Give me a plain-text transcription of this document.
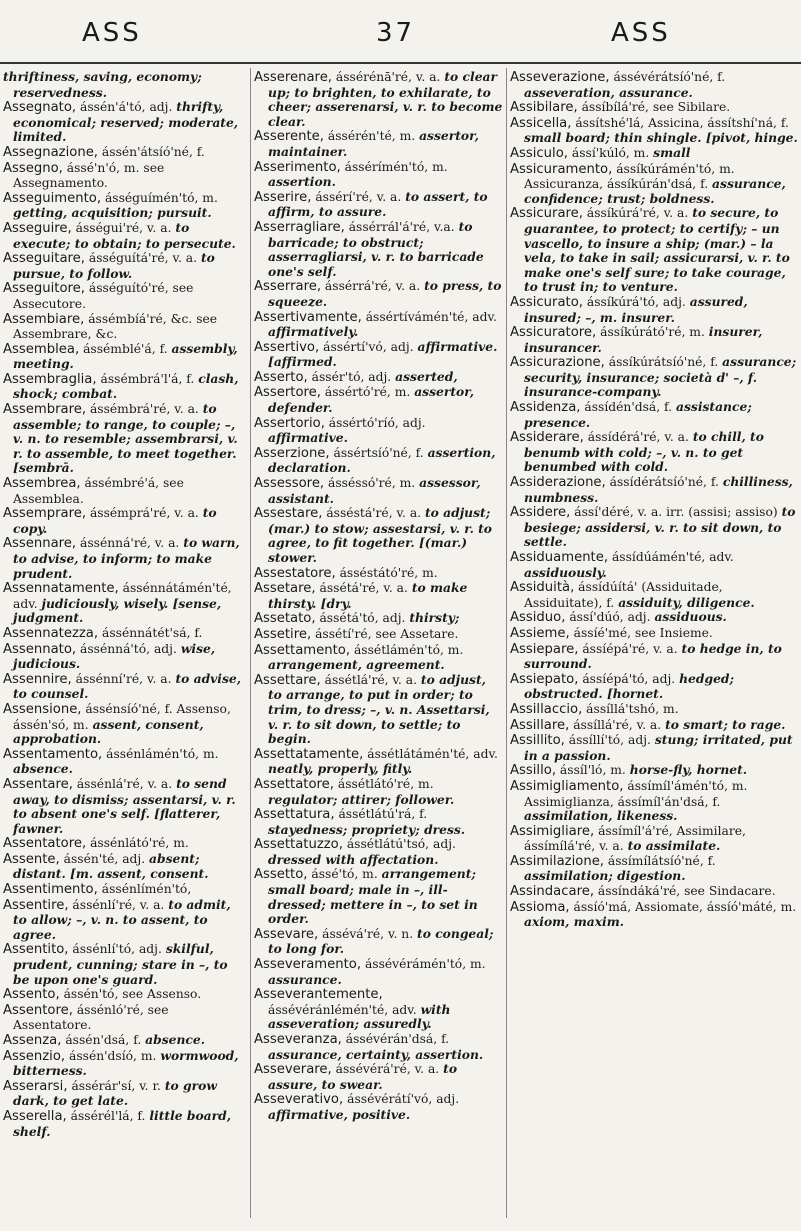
ASS	37	ASS

thriftiness, saving, economy; reservedness.

Assegnato, ássén'á'tó, adj. thrifty, economical; reserved; moderate, limited.

Assegnazione, ássén'átsíó'né, f.

Assegno, ássé'n'ó, m. see Assegnamento.

Asseguimento, ásséguímén'tó, m. getting, acquisition; pursuit.

Asseguire, ásségui'ré, v. a. to execute; to obtain; to persecute.

Asseguitare, ásséguítá'ré, v. a. to pursue, to follow.

Asseguitore, ásséguító'ré, see Assecutore.

Assembiare, ássémbíá'ré, &c. see Assembrare, &c.

Assemblea, ássémblé'á, f. assembly, meeting.

Assembraglia, ássémbrá'l'á, f. clash, shock; combat.

Assembrare, ássémbrá'ré, v. a. to assemble; to range, to couple; –, v. n. to resemble; assembrarsi, v. r. to assemble, to meet together. [sembrā.

Assembrea, ássémbré'á, see Assemblea.

Assemprare, ássémprá'ré, v. a. to copy.

Assennare, ássénná'ré, v. a. to warn, to advise, to inform; to make prudent.

Assennatamente, ássénnátámén'té, adv. judiciously, wisely. [sense, judgment.

Assennatezza, ássénnátét'sá, f.

Assennato, ássénná'tó, adj. wise, judicious.

Assennire, ássénní'ré, v. a. to advise, to counsel.

Assensione, ássénsíó'né, f. Assenso, ássén'só, m. assent, consent, approbation.

Assentamento, ássénlámén'tó, m. absence.

Assentare, ássénlá'ré, v. a. to send away, to dismiss; assentarsi, v. r. to absent one's self. [flatterer, fawner.

Assentatore, ássénlátó'ré, m.

Assente, ássén'té, adj. absent; distant. [m. assent, consent.

Assentimento, ássénlímén'tó,

Assentire, ássénlí'ré, v. a. to admit, to allow; –, v. n. to assent, to agree.

Assentito, ássénlí'tó, adj. skilful, prudent, cunning; stare in –, to be upon one's guard.

Assento, ássén'tó, see Assenso.

Assentore, ássénló'ré, see Assentatore.

Assenza, ássén'dsá, f. absence.

Assenzio, ássén'dsíó, m. wormwood, bitterness.

Asserarsi, ássérár'sí, v. r. to grow dark, to get late.

Asserella, ássérél'lá, f. little board, shelf.

Asserenare, ássérénā'ré, v. a. to clear up; to brighten, to exhilarate, to cheer; asserenarsi, v. r. to become clear.

Asserente, ássérén'té, m. assertor, maintainer.

Asserimento, ássérímén'tó, m. assertion.

Asserire, ássérí'ré, v. a. to assert, to affirm, to assure.

Asserragliare, ássérrál'á'ré, v.a. to barricade; to obstruct; asserragliarsi, v. r. to barricade one's self.

Asserrare, ássérrá'ré, v. a. to press, to squeeze.

Assertivamente, ássértívámén'té, adv. affirmatively.

Assertivo, ássértí'vó, adj. affirmative. [affirmed.

Asserto, ássér'tó, adj. asserted,

Assertore, ássértó'ré, m. assertor, defender.

Assertorio, ássértó'ríó, adj. affirmative.

Asserzione, ássértsíó'né, f. assertion, declaration.

Assessore, ásséssó'ré, m. assessor, assistant.

Assestare, ásséstá'ré, v. a. to adjust; (mar.) to stow; assestarsi, v. r. to agree, to fit together. [(mar.) stower.

Assestatore, ásséstátó'ré, m.

Assetare, ássétá'ré, v. a. to make thirsty. [dry.

Assetato, ássétá'tó, adj. thirsty;

Assetire, ássétí'ré, see Assetare.

Assettamento, ássétlámén'tó, m. arrangement, agreement.

Assettare, ássétlá'ré, v. a. to adjust, to arrange, to put in order; to trim, to dress; –, v. n. Assettarsi, v. r. to sit down, to settle; to begin.

Assettatamente, ássétlátámén'té, adv. neatly, properly, fitly.

Assettatore, ássétlátó'ré, m. regulator; attirer; follower.

Assettatura, ássétlátú'rá, f. stayedness; propriety; dress.

Assettatuzzo, ássétlátú'tsó, adj. dressed with affectation.

Assetto, ássé'tó, m. arrangement; small board; male in –, ill-dressed; mettere in –, to set in order.

Assevare, ássévá'ré, v. n. to congeal; to long for.

Asseveramento, ássévérámén'tó, m. assurance.

Asseverantemente, ássévéránlémén'té, adv. with asseveration; assuredly.

Asseveranza, ássévérán'dsá, f. assurance, certainty, assertion.

Asseverare, ássévérá'ré, v. a. to assure, to swear.

Asseverativo, ássévérátí'vó, adj. affirmative, positive.

Asseverazione, ássévérátsíó'né, f. asseveration, assurance.

Assibilare, ássíbílá'ré, see Sibilare.

Assicella, ássítshé'lá, Assicina, ássítshí'ná, f. small board; thin shingle. [pivot, hinge.

Assiculo, ássí'kúló, m. small

Assicuramento, ássíkúrámén'tó, m. Assicuranza, ássíkúrán'dsá, f. assurance, confidence; trust; boldness.

Assicurare, ássíkúrá'ré, v. a. to secure, to guarantee, to protect; to certify; – un vascello, to insure a ship; (mar.) – la vela, to take in sail; assicurarsi, v. r. to make one's self sure; to take courage, to trust in; to venture.

Assicurato, ássíkúrá'tó, adj. assured, insured; –, m. insurer.

Assicuratore, ássíkúrátó'ré, m. insurer, insurancer.

Assicurazione, ássíkúrátsíó'né, f. assurance; security, insurance; società d' –, f. insurance-company.

Assidenza, ássídén'dsá, f. assistance; presence.

Assiderare, ássídérá'ré, v. a. to chill, to benumb with cold; –, v. n. to get benumbed with cold.

Assiderazione, ássídérátsíó'né, f. chilliness, numbness.

Assidere, ássí'déré, v. a. irr. (assisi; assiso) to besiege; assidersi, v. r. to sit down, to settle.

Assiduamente, ássídúámén'té, adv. assiduously.

Assiduità, ássídúítá' (Assiduitade, Assiduitate), f. assiduity, diligence.

Assiduo, ássí'dúó, adj. assiduous.

Assieme, ássíé'mé, see Insieme.

Assiepare, ássíépá'ré, v. a. to hedge in, to surround.

Assiepato, ássíépá'tó, adj. hedged; obstructed. [hornet.

Assillaccio, ássíllá'tshó, m.

Assillare, ássíllá'ré, v. a. to smart; to rage.

Assillito, ássíllí'tó, adj. stung; irritated, put in a passion.

Assillo, ássíl'ló, m. horse-fly, hornet.

Assimigliamento, ássímíl'ámén'tó, m. Assimiglianza, ássímíl'án'dsá, f. assimilation, likeness.

Assimigliare, ássímíl'á'ré, Assimilare, ássímílá'ré, v. a. to assimilate.

Assimilazione, ássímílátsíó'né, f. assimilation; digestion.

Assindacare, ássíndáká'ré, see Sindacare.

Assioma, ássíó'má, Assiomate, ássíó'máté, m. axiom, maxim.
